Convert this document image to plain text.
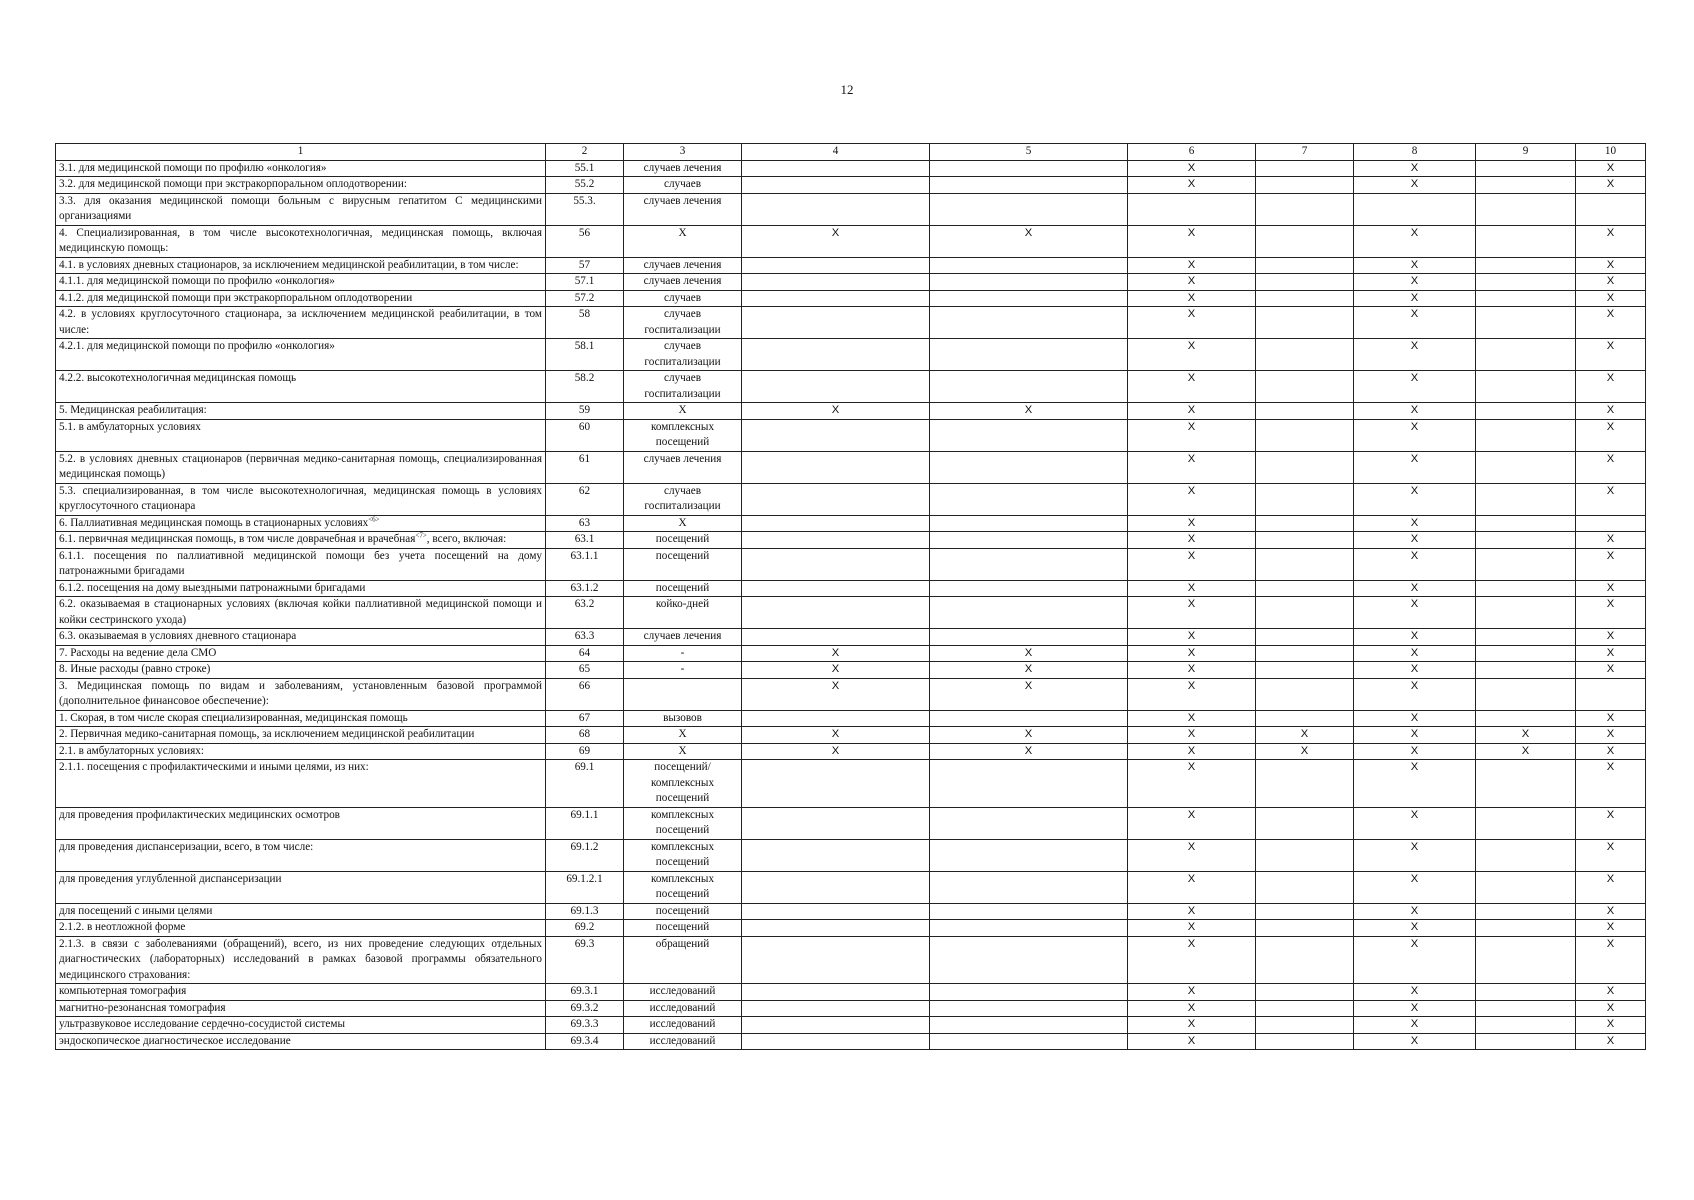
12
1	2	3	4	5	6	7	8	9	10
3.1. для медицинской помощи по профилю «онкология»	55.1	случаев лечения			X		X		X
3.2. для медицинской помощи при экстракорпоральном оплодотворении:	55.2	случаев			X		X		X
3.3. для оказания медицинской помощи больным с вирусным гепатитом С медицинскими организациями	55.3.	случаев лечения							
4. Специализированная, в том числе высокотехнологичная, медицинская помощь, включая медицинскую помощь:	56	X	X	X	X		X		X
4.1. в условиях дневных стационаров, за исключением медицинской реабилитации, в том числе:	57	случаев лечения			X		X		X
4.1.1. для медицинской помощи по профилю «онкология»	57.1	случаев лечения			X		X		X
4.1.2. для медицинской помощи при экстракорпоральном оплодотворении	57.2	случаев			X		X		X
4.2. в условиях круглосуточного стационара, за исключением медицинской реабилитации, в том числе:	58	случаев госпитализации			X		X		X
4.2.1. для медицинской помощи по профилю «онкология»	58.1	случаев госпитализации			X		X		X
4.2.2. высокотехнологичная медицинская помощь	58.2	случаев госпитализации			X		X		X
5. Медицинская реабилитация:	59	X	X	X	X		X		X
5.1. в амбулаторных условиях	60	комплексных посещений			X		X		X
5.2. в условиях дневных стационаров (первичная медико-санитарная помощь, специализированная медицинская помощь)	61	случаев лечения			X		X		X
5.3. специализированная, в том числе высокотехнологичная, медицинская помощь в условиях круглосуточного стационара	62	случаев госпитализации			X		X		X
6. Паллиативная медицинская помощь в стационарных условиях$^{<6>}$	63	X			X		X		
6.1. первичная медицинская помощь, в том числе доврачебная и врачебная$^{<7>}$, всего, включая:	63.1	посещений			X		X		X
6.1.1. посещения по паллиативной медицинской помощи без учета посещений на дому патронажными бригадами	63.1.1	посещений			X		X		X
6.1.2. посещения на дому выездными патронажными бригадами	63.1.2	посещений			X		X		X
6.2. оказываемая в стационарных условиях (включая койки паллиативной медицинской помощи и койки сестринского ухода)	63.2	койко-дней			X		X		X
6.3. оказываемая в условиях дневного стационара	63.3	случаев лечения			X		X		X
7. Расходы на ведение дела СМО	64	-	X	X	X		X		X
8. Иные расходы (равно строке)	65	-	X	X	X		X		X
3. Медицинская помощь по видам и заболеваниям, установленным базовой программой (дополнительное финансовое обеспечение):	66		X	X	X		X		
1. Скорая, в том числе скорая специализированная, медицинская помощь	67	вызовов			X		X		X
2. Первичная медико-санитарная помощь, за исключением медицинской реабилитации	68	X	X	X	X	X	X	X	X
2.1. в амбулаторных условиях:	69	X	X	X	X	X	X	X	X
2.1.1. посещения с профилактическими и иными целями, из них:	69.1	посещений/ комплексных посещений			X		X		X
для проведения профилактических медицинских осмотров	69.1.1	комплексных посещений			X		X		X
для проведения диспансеризации, всего, в том числе:	69.1.2	комплексных посещений			X		X		X
для проведения углубленной диспансеризации	69.1.2.1	комплексных посещений			X		X		X
для посещений с иными целями	69.1.3	посещений			X		X		X
2.1.2. в неотложной форме	69.2	посещений			X		X		X
2.1.3. в связи с заболеваниями (обращений), всего, из них проведение следующих отдельных диагностических (лабораторных) исследований в рамках базовой программы обязательного медицинского страхования:	69.3	обращений			X		X		X
компьютерная томография	69.3.1	исследований			X		X		X
магнитно-резонансная томография	69.3.2	исследований			X		X		X
ультразвуковое исследование сердечно-сосудистой системы	69.3.3	исследований			X		X		X
эндоскопическое диагностическое исследование	69.3.4	исследований			X		X		X
